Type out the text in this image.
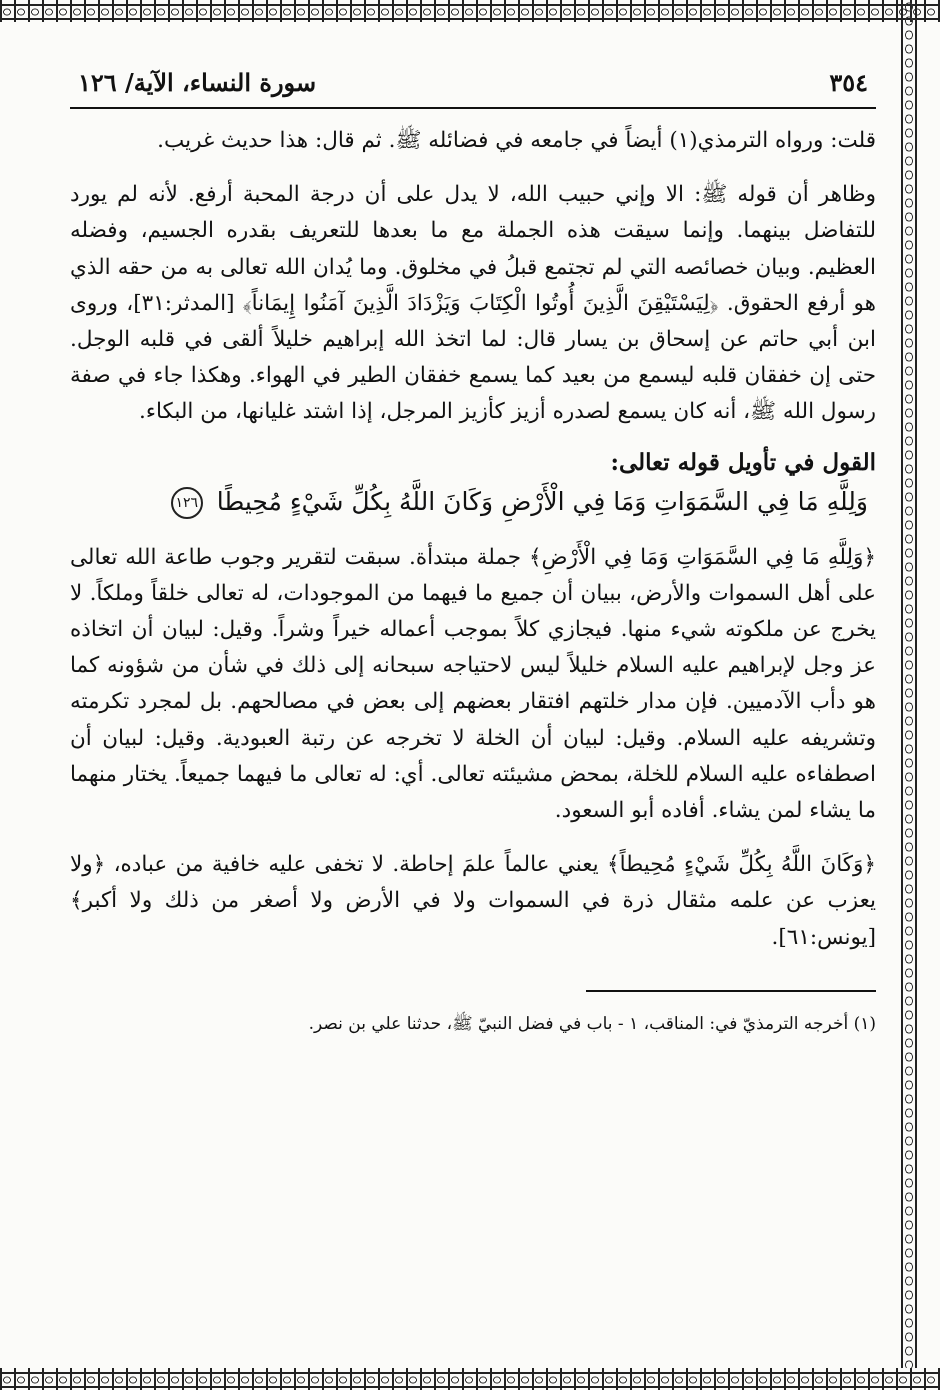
٣٥٤
سورة النساء، الآية/ ١٢٦

قلت: ورواه الترمذي(١) أيضاً في جامعه في فضائله ﷺ. ثم قال: هذا حديث غريب.

وظاهر أن قوله ﷺ: الا وإني حبيب الله، لا يدل على أن درجة المحبة أرفع. لأنه لم يورد للتفاضل بينهما. وإنما سيقت هذه الجملة مع ما بعدها للتعريف بقدره الجسيم، وفضله العظيم. وبيان خصائصه التي لم تجتمع قبلُ في مخلوق. وما يُدان الله تعالى به من حقه الذي هو أرفع الحقوق. ﴿لِيَسْتَيْقِنَ الَّذِينَ أُوتُوا الْكِتَابَ وَيَزْدَادَ الَّذِينَ آمَنُوا إِيمَاناً﴾ [المدثر:٣١]، وروى ابن أبي حاتم عن إسحاق بن يسار قال: لما اتخذ الله إبراهيم خليلاً ألقى في قلبه الوجل. حتى إن خفقان قلبه ليسمع من بعيد كما يسمع خفقان الطير في الهواء. وهكذا جاء في صفة رسول الله ﷺ، أنه كان يسمع لصدره أزيز كأزيز المرجل، إذا اشتد غليانها، من البكاء.

القول في تأويل قوله تعالى:
وَلِلَّهِ مَا فِي السَّمَوَاتِ وَمَا فِي الْأَرْضِ وَكَانَ اللَّهُ بِكُلِّ شَيْءٍ مُحِيطًا ١٢٦

﴿وَلِلَّهِ مَا فِي السَّمَوَاتِ وَمَا فِي الْأَرْضِ﴾ جملة مبتدأة. سبقت لتقرير وجوب طاعة الله تعالى على أهل السموات والأرض، ببيان أن جميع ما فيهما من الموجودات، له تعالى خلقاً وملكاً. لا يخرج عن ملكوته شيء منها. فيجازي كلاً بموجب أعماله خيراً وشراً. وقيل: لبيان أن اتخاذه عز وجل لإبراهيم عليه السلام خليلاً ليس لاحتياجه سبحانه إلى ذلك في شأن من شؤونه كما هو دأب الآدميين. فإن مدار خلتهم افتقار بعضهم إلى بعض في مصالحهم. بل لمجرد تكرمته وتشريفه عليه السلام. وقيل: لبيان أن الخلة لا تخرجه عن رتبة العبودية. وقيل: لبيان أن اصطفاءه عليه السلام للخلة، بمحض مشيئته تعالى. أي: له تعالى ما فيهما جميعاً. يختار منهما ما يشاء لمن يشاء. أفاده أبو السعود.

﴿وَكَانَ اللَّهُ بِكُلِّ شَيْءٍ مُحِيطاً﴾ يعني عالماً علمَ إحاطة. لا تخفى عليه خافية من عباده، ﴿ولا يعزب عن علمه مثقال ذرة في السموات ولا في الأرض ولا أصغر من ذلك ولا أكبر﴾ [يونس:٦١].

(١) أخرجه الترمذيّ في: المناقب، ١ - باب في فضل النبيّ ﷺ، حدثنا علي بن نصر.
